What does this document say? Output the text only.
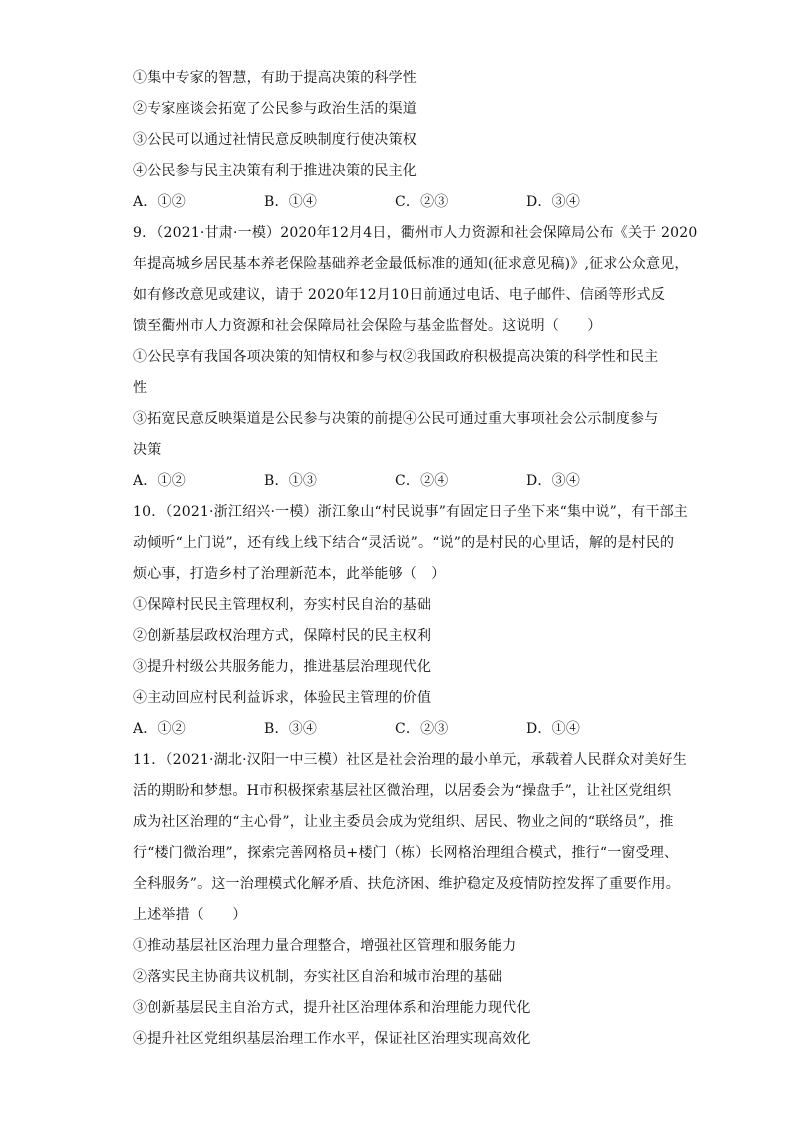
①集中专家的智慧，有助于提高决策的科学性
②专家座谈会拓宽了公民参与政治生活的渠道
③公民可以通过社情民意反映制度行使决策权
④公民参与民主决策有利于推进决策的民主化
A．①②	B．①④	C．②③	D．③④
9．（2021·甘肃·一模）2020年12月4日，衢州市人力资源和社会保障局公布《关于 2020
年提高城乡居民基本养老保险基础养老金最低标准的通知(征求意见稿)》,征求公众意见，
如有修改意见或建议，请于 2020年12月10日前通过电话、电子邮件、信函等形式反
馈至衢州市人力资源和社会保障局社会保险与基金监督处。这说明（　　）
①公民享有我国各项决策的知情权和参与权②我国政府积极提高决策的科学性和民主
性
③拓宽民意反映渠道是公民参与决策的前提④公民可通过重大事项社会公示制度参与
决策
A．①②	B．①③	C．②④	D．③④
10．（2021·浙江绍兴·一模）浙江象山“村民说事”有固定日子坐下来“集中说”，有干部主
动倾听“上门说”，还有线上线下结合“灵活说”。“说”的是村民的心里话，解的是村民的
烦心事，打造乡村了治理新范本，此举能够（　）
①保障村民民主管理权利，夯实村民自治的基础
②创新基层政权治理方式，保障村民的民主权利
③提升村级公共服务能力，推进基层治理现代化
④主动回应村民利益诉求，体验民主管理的价值
A．①②	B．③④	C．②③	D．①④
11．（2021·湖北·汉阳一中三模）社区是社会治理的最小单元，承载着人民群众对美好生
活的期盼和梦想。H市积极探索基层社区微治理，以居委会为“操盘手”，让社区党组织
成为社区治理的“主心骨”，让业主委员会成为党组织、居民、物业之间的“联络员”，推
行“楼门微治理”，探索完善网格员+楼门（栋）长网格治理组合模式，推行“一窗受理、
全科服务”。这一治理模式化解矛盾、扶危济困、维护稳定及疫情防控发挥了重要作用。
上述举措（　　）
①推动基层社区治理力量合理整合，增强社区管理和服务能力
②落实民主协商共议机制，夯实社区自治和城市治理的基础
③创新基层民主自治方式，提升社区治理体系和治理能力现代化
④提升社区党组织基层治理工作水平，保证社区治理实现高效化
